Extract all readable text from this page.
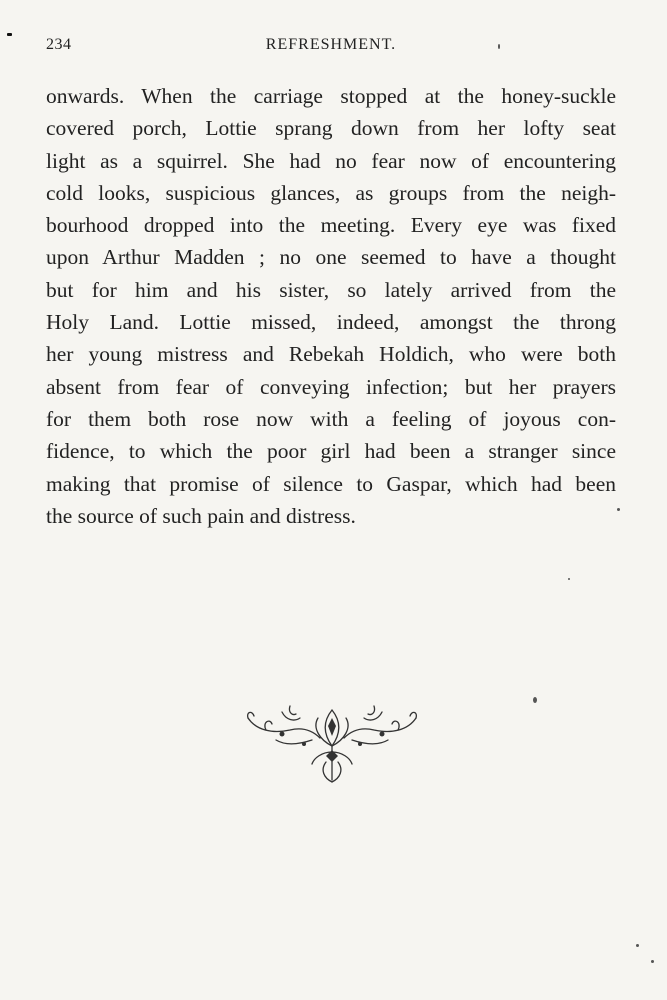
234	REFRESHMENT.
onwards. When the carriage stopped at the honey-suckle
covered porch, Lottie sprang down from her lofty seat
light as a squirrel. She had no fear now of encountering
cold looks, suspicious glances, as groups from the neigh-
bourhood dropped into the meeting. Every eye was fixed
upon Arthur Madden ; no one seemed to have a thought
but for him and his sister, so lately arrived from the
Holy Land. Lottie missed, indeed, amongst the throng
her young mistress and Rebekah Holdich, who were both
absent from fear of conveying infection; but her prayers
for them both rose now with a feeling of joyous con-
fidence, to which the poor girl had been a stranger since
making that promise of silence to Gaspar, which had been
the source of such pain and distress.
